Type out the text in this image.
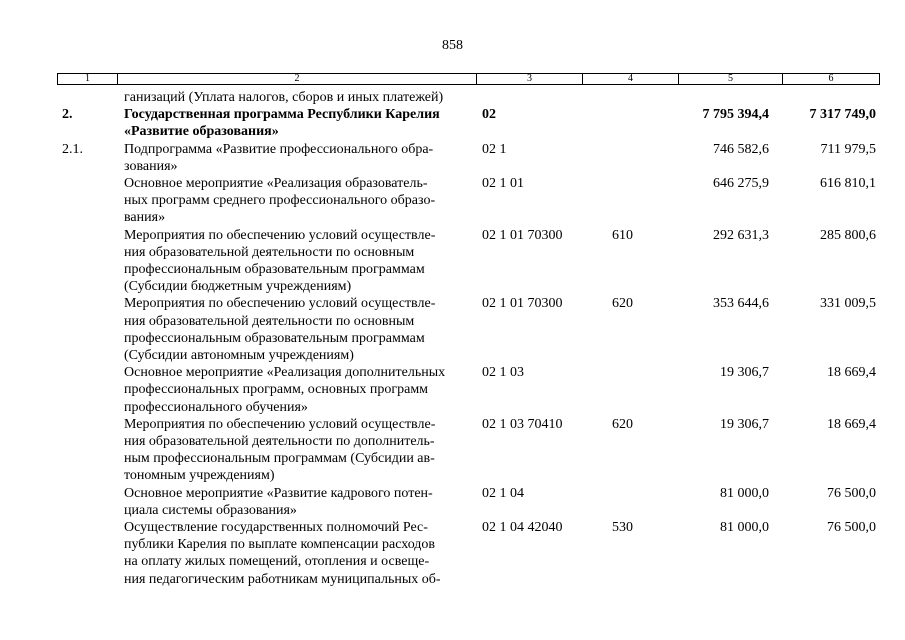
858
1	2	3	4	5	6
ганизаций (Уплата налогов, сборов и иных платежей)
2.	Государственная программа Республики Карелия
«Развитие образования»
02	7 795 394,4	7 317 749,0
2.1.	Подпрограмма «Развитие профессионального обра-
зования»
02 1	746 582,6	711 979,5
Основное мероприятие «Реализация образователь-
ных программ среднего профессионального образо-
вания»
02 1 01	646 275,9	616 810,1
Мероприятия по обеспечению условий осуществле-
ния образовательной деятельности по основным
профессиональным образовательным программам
(Субсидии бюджетным учреждениям)
02 1 01 70300	610	292 631,3	285 800,6
Мероприятия по обеспечению условий осуществле-
ния образовательной деятельности по основным
профессиональным образовательным программам
(Субсидии автономным учреждениям)
02 1 01 70300	620	353 644,6	331 009,5
Основное мероприятие «Реализация дополнительных
профессиональных программ, основных программ
профессионального обучения»
02 1 03	19 306,7	18 669,4
Мероприятия по обеспечению условий осуществле-
ния образовательной деятельности по дополнитель-
ным профессиональным программам (Субсидии ав-
тономным учреждениям)
02 1 03 70410	620	19 306,7	18 669,4
Основное мероприятие «Развитие кадрового потен-
циала системы образования»
02 1 04	81 000,0	76 500,0
Осуществление государственных полномочий Рес-
публики Карелия по выплате компенсации расходов
на оплату жилых помещений, отопления и освеще-
ния педагогическим работникам муниципальных об-
02 1 04 42040	530	81 000,0	76 500,0
